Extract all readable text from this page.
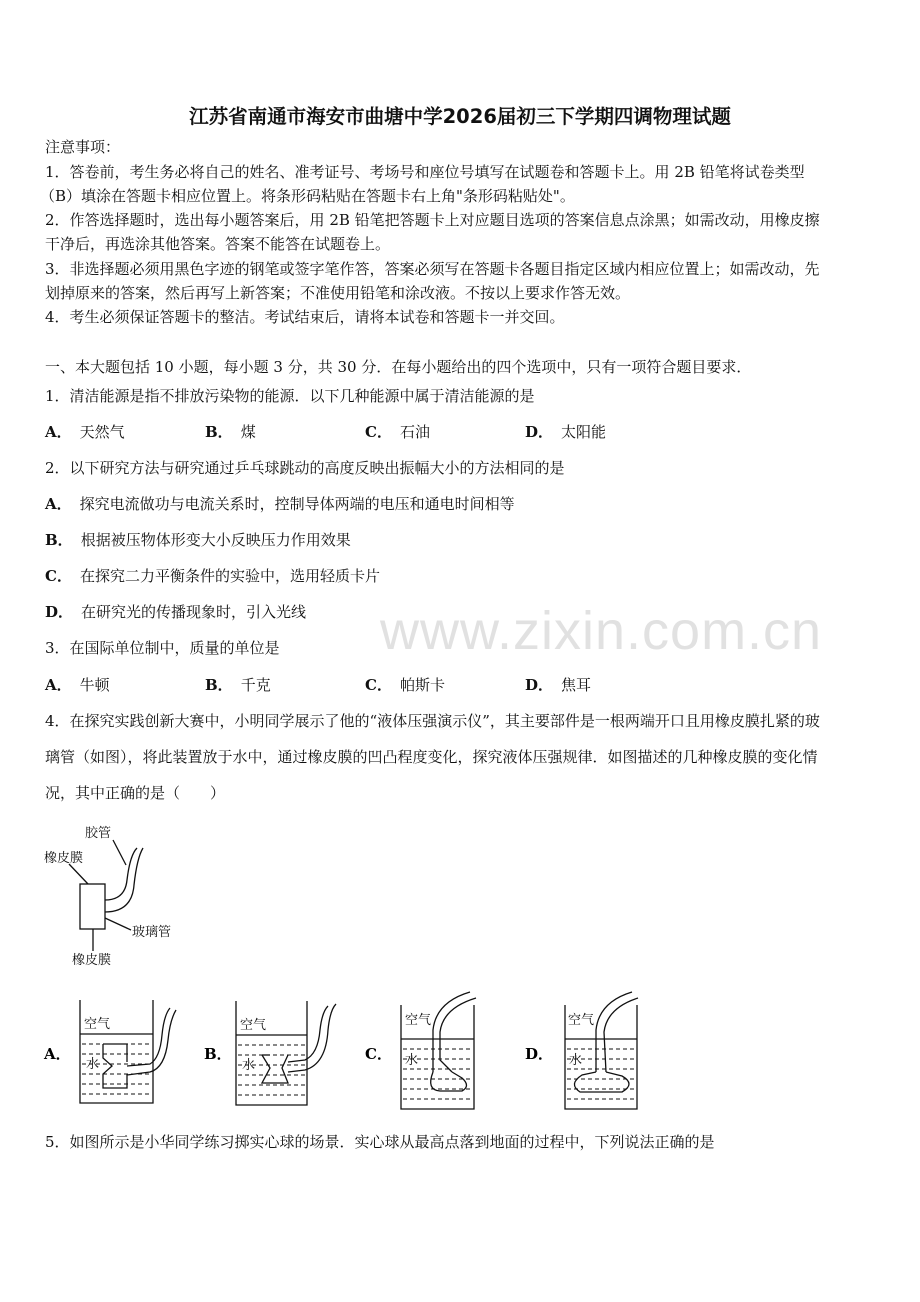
江苏省南通市海安市曲塘中学2026届初三下学期四调物理试题
注意事项：
1．答卷前，考生务必将自己的姓名、准考证号、考场号和座位号填写在试题卷和答题卡上。用 2B 铅笔将试卷类型
（B）填涂在答题卡相应位置上。将条形码粘贴在答题卡右上角"条形码粘贴处"。
2．作答选择题时，选出每小题答案后，用 2B 铅笔把答题卡上对应题目选项的答案信息点涂黑；如需改动，用橡皮擦
干净后，再选涂其他答案。答案不能答在试题卷上。
3．非选择题必须用黑色字迹的钢笔或签字笔作答，答案必须写在答题卡各题目指定区域内相应位置上；如需改动，先
划掉原来的答案，然后再写上新答案；不准使用铅笔和涂改液。不按以上要求作答无效。
4．考生必须保证答题卡的整洁。考试结束后，请将本试卷和答题卡一并交回。
一、本大题包括 10 小题，每小题 3 分，共 30 分．在每小题给出的四个选项中，只有一项符合题目要求．
1．清洁能源是指不排放污染物的能源．以下几种能源中属于清洁能源的是
A． 天然气	B． 煤	C． 石油	D． 太阳能
2．以下研究方法与研究通过乒乓球跳动的高度反映出振幅大小的方法相同的是
A． 探究电流做功与电流关系时，控制导体两端的电压和通电时间相等
B． 根据被压物体形变大小反映压力作用效果
C． 在探究二力平衡条件的实验中，选用轻质卡片
D． 在研究光的传播现象时，引入光线 www.zixin.com.cn
3．在国际单位制中，质量的单位是
A． 牛顿	B． 千克	C． 帕斯卡	D． 焦耳
4．在探究实践创新大赛中，小明同学展示了他的“液体压强演示仪”，其主要部件是一根两端开口且用橡皮膜扎紧的玻
璃管（如图），将此装置放于水中，通过橡皮膜的凹凸程度变化，探究液体压强规律．如图描述的几种橡皮膜的变化情
况，其中正确的是（　　）
胶管
橡皮膜
玻璃管
橡皮膜
A．
空气
水
B．
空气
水
C．
空气
水	D．
空气
水
5．如图所示是小华同学练习掷实心球的场景．实心球从最高点落到地面的过程中，下列说法正确的是
